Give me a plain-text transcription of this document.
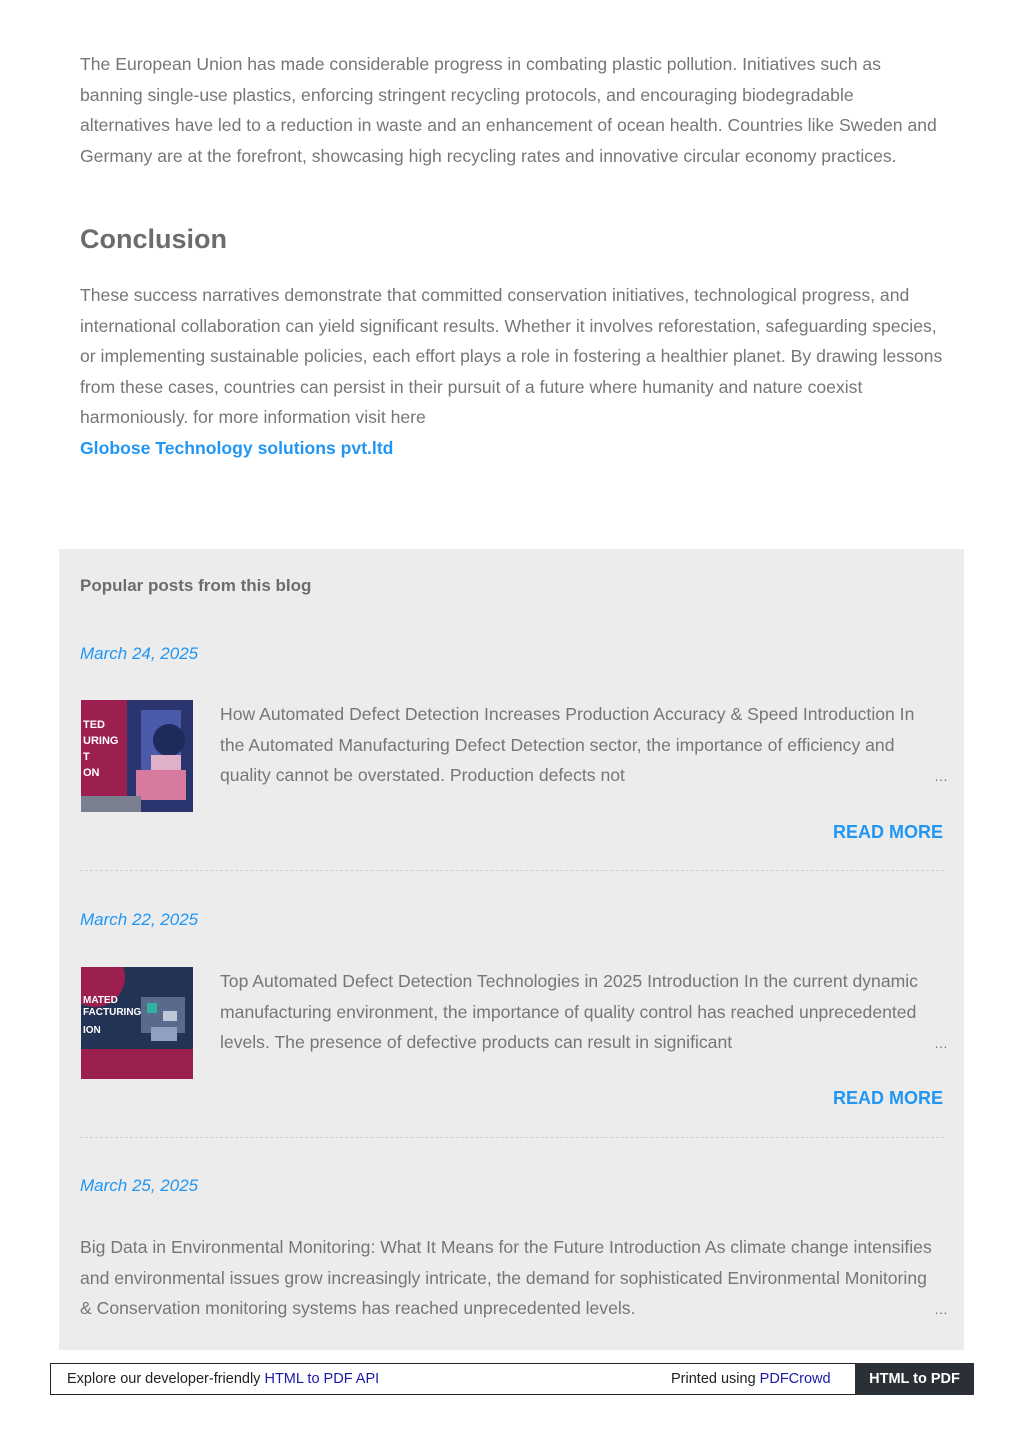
The European Union has made considerable progress in combating plastic pollution. Initiatives such as banning single-use plastics, enforcing stringent recycling protocols, and encouraging biodegradable alternatives have led to a reduction in waste and an enhancement of ocean health. Countries like Sweden and Germany are at the forefront, showcasing high recycling rates and innovative circular economy practices.

Conclusion

These success narratives demonstrate that committed conservation initiatives, technological progress, and international collaboration can yield significant results. Whether it involves reforestation, safeguarding species, or implementing sustainable policies, each effort plays a role in fostering a healthier planet. By drawing lessons from these cases, countries can persist in their pursuit of a future where humanity and nature coexist harmoniously. for more information visit here
Globose Technology solutions pvt.ltd

Popular posts from this blog
March 24, 2025
TED
URING
T
ON

How Automated Defect Detection Increases Production Accuracy & Speed Introduction In the Automated Manufacturing Defect Detection sector, the importance of efficiency and quality cannot be overstated. Production defects not	…
READ MORE
March 22, 2025
MATED
FACTURING
ION

Top Automated Defect Detection Technologies in 2025 Introduction In the current dynamic manufacturing environment, the importance of quality control has reached unprecedented levels. The presence of defective products can result in significant	…
READ MORE
March 25, 2025

Big Data in Environmental Monitoring: What It Means for the Future Introduction As climate change intensifies and environmental issues grow increasingly intricate, the demand for sophisticated Environmental Monitoring & Conservation monitoring systems has reached unprecedented levels.	…
Explore our developer-friendly HTML to PDF API	Printed using PDFCrowd	HTML to PDF
